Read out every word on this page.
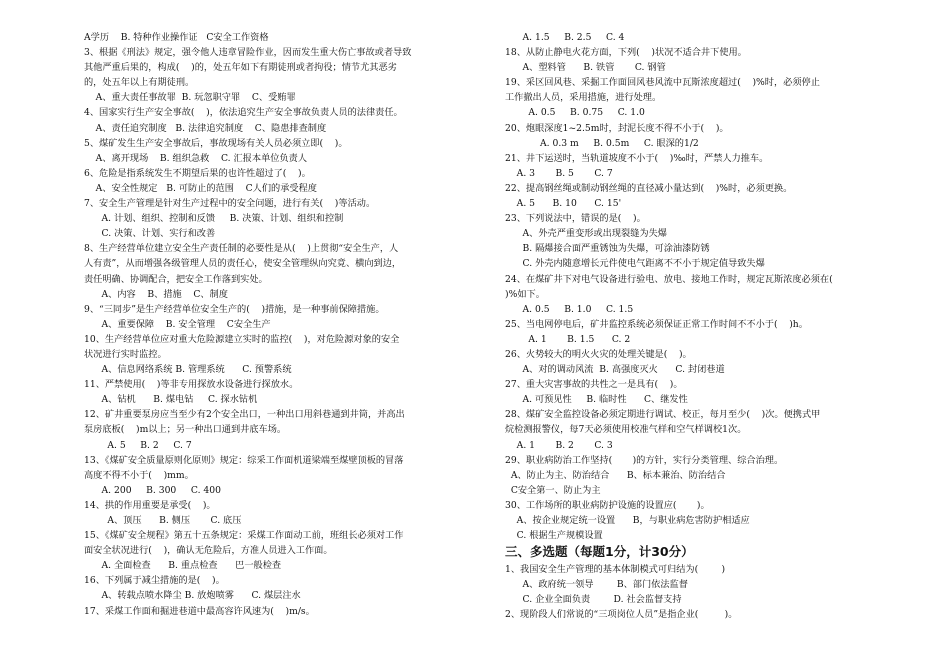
A学历    B. 特种作业操作证   C安全工作资格
3、根据《刑法》规定，强令他人违章冒险作业，因而发生重大伤亡事故或者导致
其他严重后果的，构成(    )的，处五年如下有期徒刑或者拘役；情节尤其恶劣
的，处五年以上有期徒刑。
A、重大责任事故罪  B. 玩忽职守罪    C、受贿罪
4、国家实行生产安全事故(    )，依法追究生产安全事故负责人员的法律责任。
A、责任追究制度   B. 法律追究制度    C、隐患排查制度
5、煤矿发生生产安全事故后，事故现场有关人员必须立即(    )。
A、离开现场    B. 组织急救    C. 汇报本单位负责人
6、危险是指系统发生不期望后果的也许性超过了(    )。
A、安全性规定   B. 可防止的范围    C人们的承受程度
7、安全生产管理是针对生产过程中的安全问题，进行有关(    )等活动。
A. 计划、组织、控制和反馈     B. 决策、计划、组织和控制
C. 决策、计划、实行和改善
8、生产经营单位建立安全生产责任制的必要性是从(    )上贯彻“安全生产，人
人有责”，从而增强各级管理人员的责任心，使安全管理纵向究竟、横向到边，
责任明确、协调配合，把安全工作落到实处。
A、内容    B、措施    C、制度
9、“三同步”是生产经营单位安全生产的(    )措施，是一种事前保障措施。
A、重要保障    B. 安全管理    C安全生产
10、生产经营单位应对重大危险源建立实时的监控(    )，对危险源对象的安全
状况进行实时监控。
A、信息网络系统 B. 管理系统      C. 预警系统
11、严禁使用(    )等非专用探放水设备进行探放水。
A、钻机      B. 煤电钻     C. 探水钻机
12、矿井重要泵房应当至少有2个安全出口，一种出口用斜巷通到井筒，并高出
泵房底板(    )m以上；另一种出口通到井底车场。
A. 5     B. 2     C. 7
13、《煤矿安全质量原则化原则》规定：综采工作面机道梁端至煤壁顶板的冒落
高度不得不小于(    )mm。
A. 200     B. 300     C. 400
14、拱的作用重要是承受(    )。
A、顶压      B. 侧压       C. 底压
15、《煤矿安全规程》第五十五条规定：采煤工作面动工前，班组长必须对工作
面安全状况进行(    )，确认无危险后，方准人员进入工作面。
A. 全面检查      B. 重点检查      巴一般检查
16、下列属于减尘措施的是(    )。
A、转载点喷水降尘 B. 放炮喷雾      C. 煤层注水
17、采煤工作面和掘进巷道中最高容许风速为(    )m/s。
A. 1.5     B. 2.5     C. 4
18、从防止静电火花方面，下列(    )状况不适合井下使用。
A、塑料管      B. 铁管       C. 钢管
19、采区回风巷、采掘工作面回风巷风流中瓦斯浓度超过(    )%时，必须停止
工作撤出人员，采用措施，进行处理。
A. 0.5     B. 0.75     C. 1.0
20、炮眼深度1~2.5m时，封泥长度不得不小于(    )。
A. 0.3 m     B. 0.5m     C. 眼深的1/2
21、井下运送时，当轨道坡度不小于(    )‰时，严禁人力推车。
A. 3       B. 5       C. 7
22、提高钢丝绳或制动钢丝绳的直径减小量达到(    )%时，必须更换。
A. 5      B. 10      C. 15'
23、下列说法中，错误的是(    )。
A、外壳严重变形或出现裂缝为失爆
B. 隔爆接合面严重锈蚀为失爆，可涂油漆防锈
C. 外壳内随意增长元件使电气距离不不小于规定值导致失爆
24、在煤矿井下对电气设备进行验电、放电、接地工作时，规定瓦斯浓度必须在(
)%如下。
A. 0.5     B. 1.0     C. 1.5
25、当电网停电后，矿井监控系统必须保证正常工作时间不不小于(    )h。
A. 1       B. 1.5      C. 2
26、火势较大的明火火灾的处理关键是(    )。
A、对的调动风流  B. 高强度灭火      C. 封闭巷道
27、重大灾害事故的共性之一是具有(    )。
A. 可预见性     B. 临时性      C、继发性
28、煤矿安全监控设备必须定期进行调试、校正，每月至少(    )次。便携式甲
烷检测报警仪，每7天必须使用校准气样和空气样调校1次。
A. 1       B. 2       C. 3
29、职业病防治工作坚持(       )的方针，实行分类管理、综合治理。
A、防止为主、防治结合      B、标本兼治、防治结合
C安全第一、防止为主
30、工作场所的职业病防护设施的设置应(       )。
A、按企业规定统一设置      B，与职业病危害防护相适应
C. 根据生产规模设置
三、多选题（每题1分，计30分）
1、我国安全生产管理的基本体制模式可归结为(        )
A、政府统一领导        B、部门依法监督
C. 企业全面负责        D. 社会监督支持
2、现阶段人们常说的“三项岗位人员”是指企业(         )。
